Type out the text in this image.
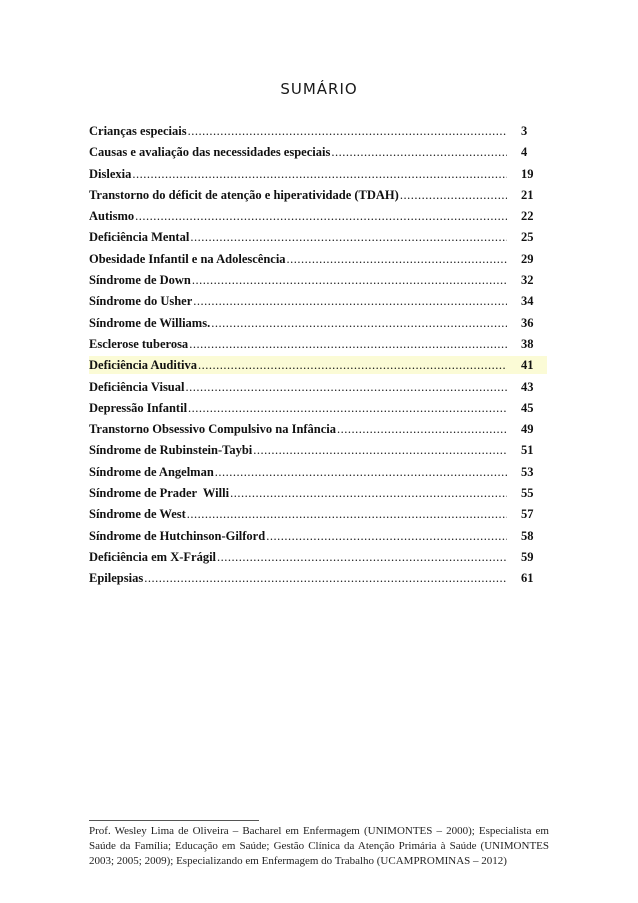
SUMÁRIO
Crianças especiais .....	3
Causas e avaliação das necessidades especiais .....	4
Dislexia .....	19
Transtorno do déficit de atenção e hiperatividade (TDAH) .....	21
Autismo .....	22
Deficiência Mental .....	25
Obesidade Infantil e na Adolescência .....	29
Síndrome de Down .....	32
Síndrome do Usher .....	34
Síndrome de Williams. .....	36
Esclerose tuberosa .....	38
Deficiência Auditiva .....	41
Deficiência Visual .....	43
Depressão Infantil .....	45
Transtorno Obsessivo Compulsivo na Infância .....	49
Síndrome de Rubinstein-Taybi .....	51
Síndrome de Angelman .....	53
Síndrome de Prader  Willi .....	55
Síndrome de West .....	57
Síndrome de Hutchinson-Gilford .....	58
Deficiência em X-Frágil .....	59
Epilepsias .....	61
Prof. Wesley Lima de Oliveira – Bacharel em Enfermagem (UNIMONTES – 2000); Especialista em Saúde da Família; Educação em Saúde; Gestão Clínica da Atenção Primária à Saúde (UNIMONTES 2003; 2005; 2009); Especializando em Enfermagem do Trabalho (UCAMPROMINAS – 2012)
